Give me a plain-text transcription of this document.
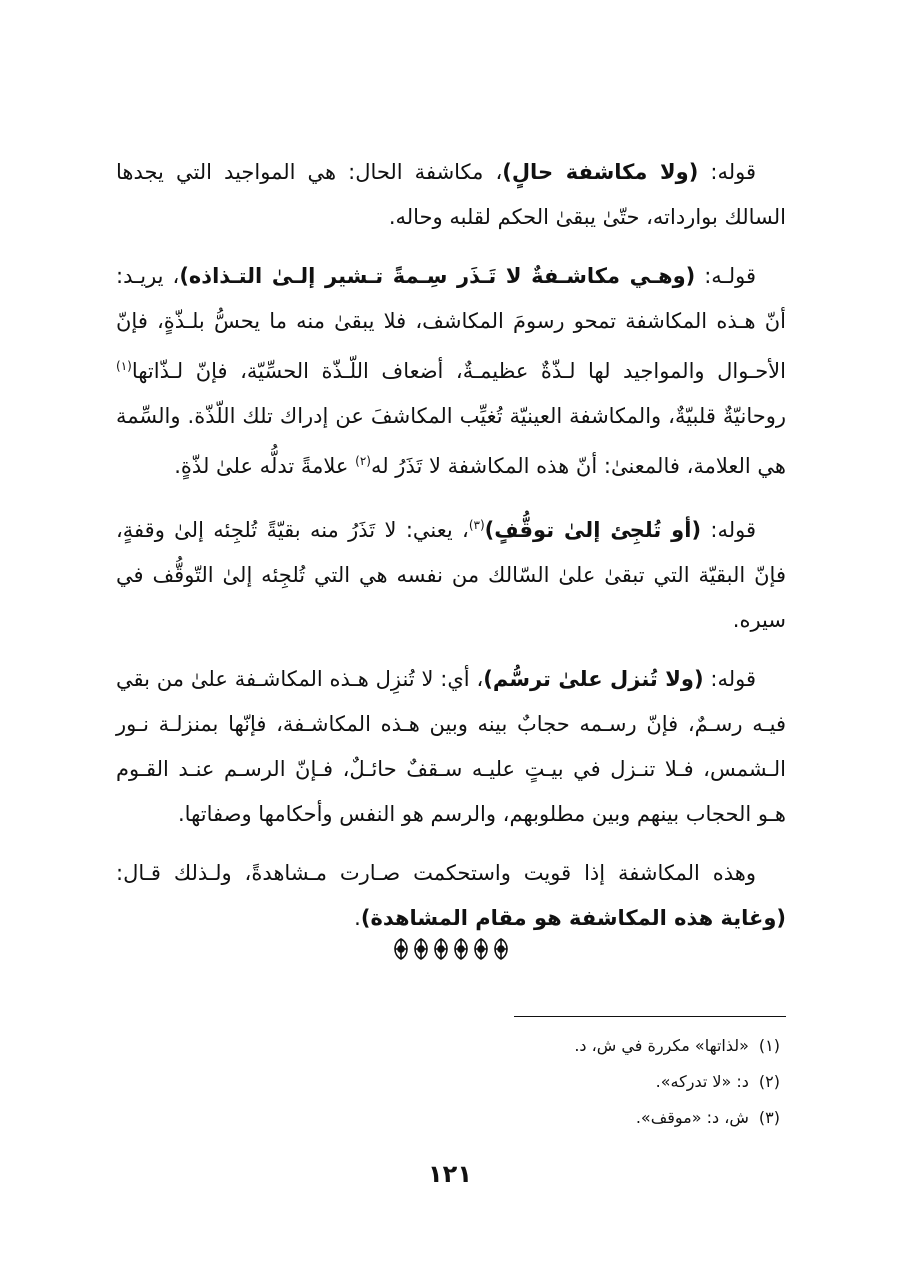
قوله: (ولا مكاشفة حالٍ)، مكاشفة الحال: هي المواجيد التي يجدها السالك بوارداته، حتّىٰ يبقىٰ الحكم لقلبه وحاله.

قولـه: (وهـي مكاشـفةٌ لا تَـذَر سِـمةً تـشير إلـىٰ التـذاذه)، يريـد: أنّ هـذه المكاشفة تمحو رسومَ المكاشف، فلا يبقىٰ منه ما يحسُّ بلـذّةٍ، فإنّ الأحـوال والمواجيد لها لـذّةٌ عظيمـةٌ، أضعاف اللّـذّة الحسِّيّة، فإنّ لـذّاتها$^{(١)}$ روحانيّةٌ قلبيّةٌ، والمكاشفة العينيّة تُغيِّب المكاشفَ عن إدراك تلك اللّذّة. والسِّمة هي العلامة، فالمعنىٰ: أنّ هذه المكاشفة لا تَذَرُ له$^{(٢)}$ علامةً تدلُّه علىٰ لذّةٍ.

قوله: (أو تُلجِئ إلىٰ توقُّفٍ)$^{(٣)}$، يعني: لا تَذَرُ منه بقيّةً تُلجِئه إلىٰ وقفةٍ، فإنّ البقيّة التي تبقىٰ علىٰ السّالك من نفسه هي التي تُلجِئه إلىٰ التّوقُّف في سيره.

قوله: (ولا تُنزل علىٰ ترسُّم)، أي: لا تُنزِل هـذه المكاشـفة علىٰ من بقي فيـه رسـمٌ، فإنّ رسـمه حجابٌ بينه وبين هـذه المكاشـفة، فإنّها بمنزلـة نـور الـشمس، فـلا تنـزل في بيـتٍ عليـه سـقفٌ حائـلٌ، فـإنّ الرسـم عنـد القـوم هـو الحجاب بينهم وبين مطلوبهم، والرسم هو النفس وأحكامها وصفاتها.

وهذه المكاشفة إذا قويت واستحكمت صـارت مـشاهدةً، ولـذلك قـال: (وغاية هذه المكاشفة هو مقام المشاهدة).

(١)«لذاتها» مكررة في ش، د.
(٢)د: «لا تدركه».
(٣)ش، د: «موقف».
١٢١
